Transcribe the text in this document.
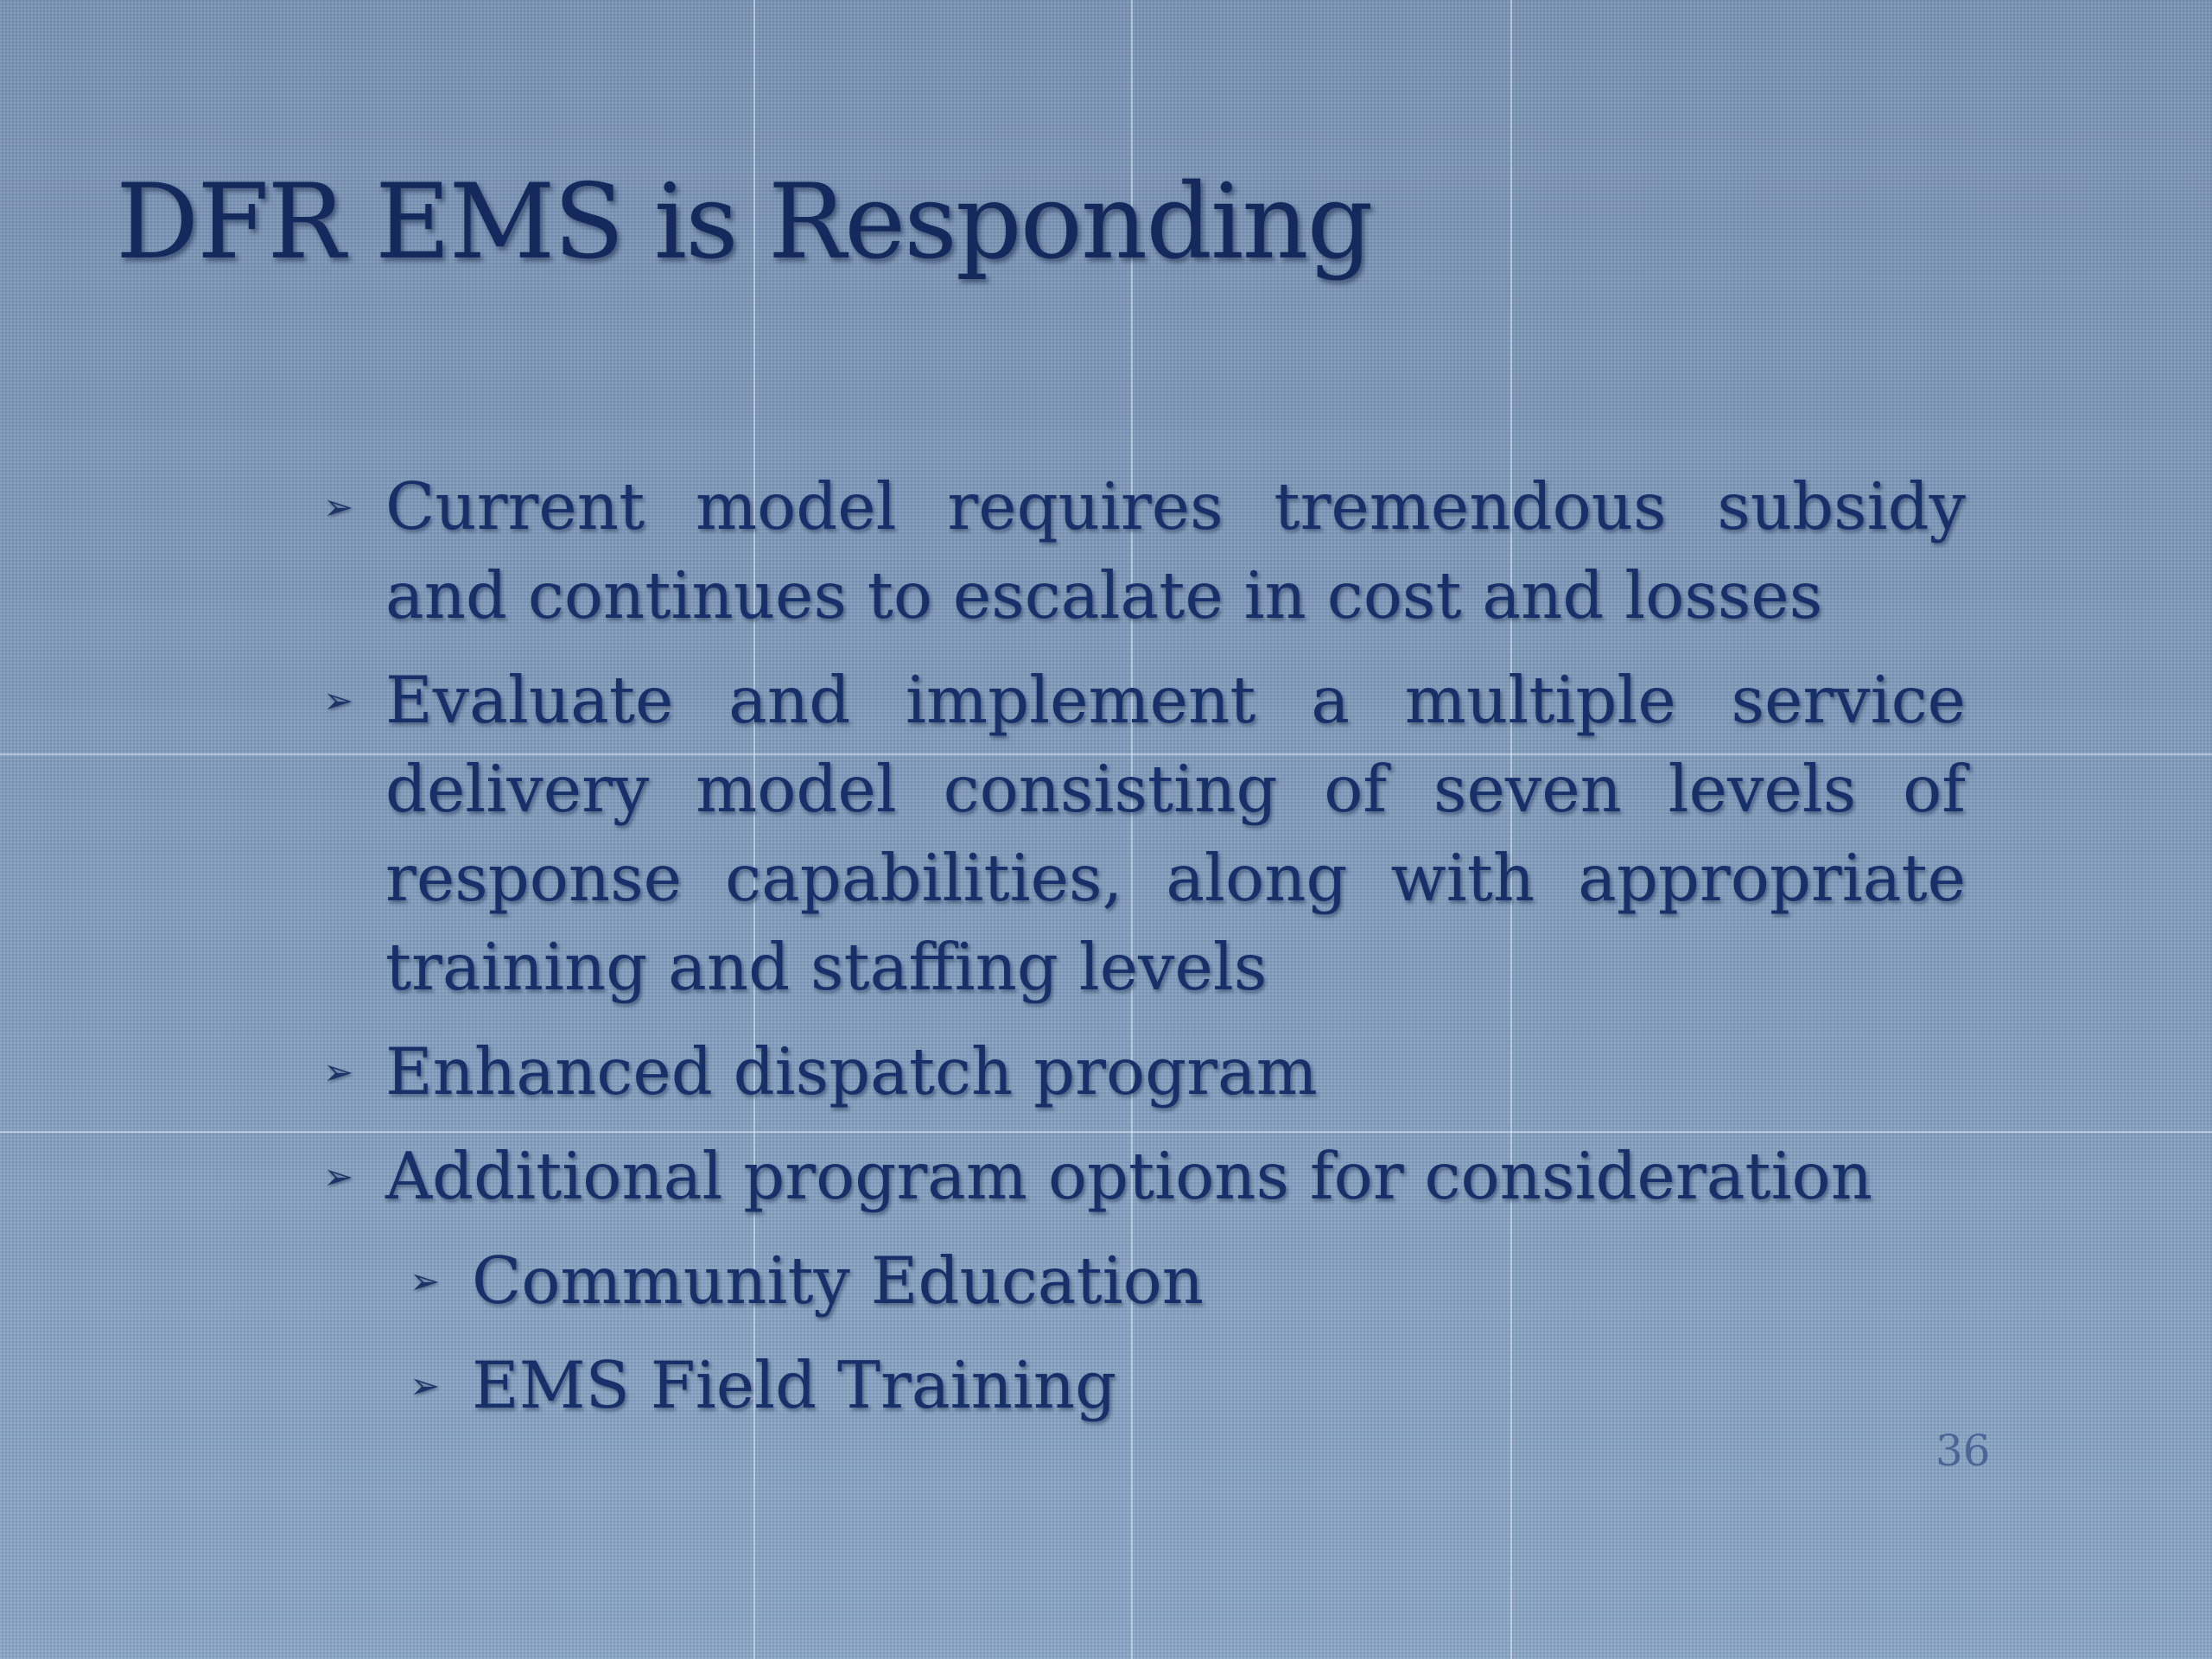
DFR EMS is Responding
➢ Current model requires tremendous subsidy and continues to escalate in cost and losses
➢ Evaluate and implement a multiple service delivery model consisting of seven levels of response capabilities, along with appropriate training and staffing levels
➢ Enhanced dispatch program
➢ Additional program options for consideration
➢ Community Education
➢ EMS Field Training
36
